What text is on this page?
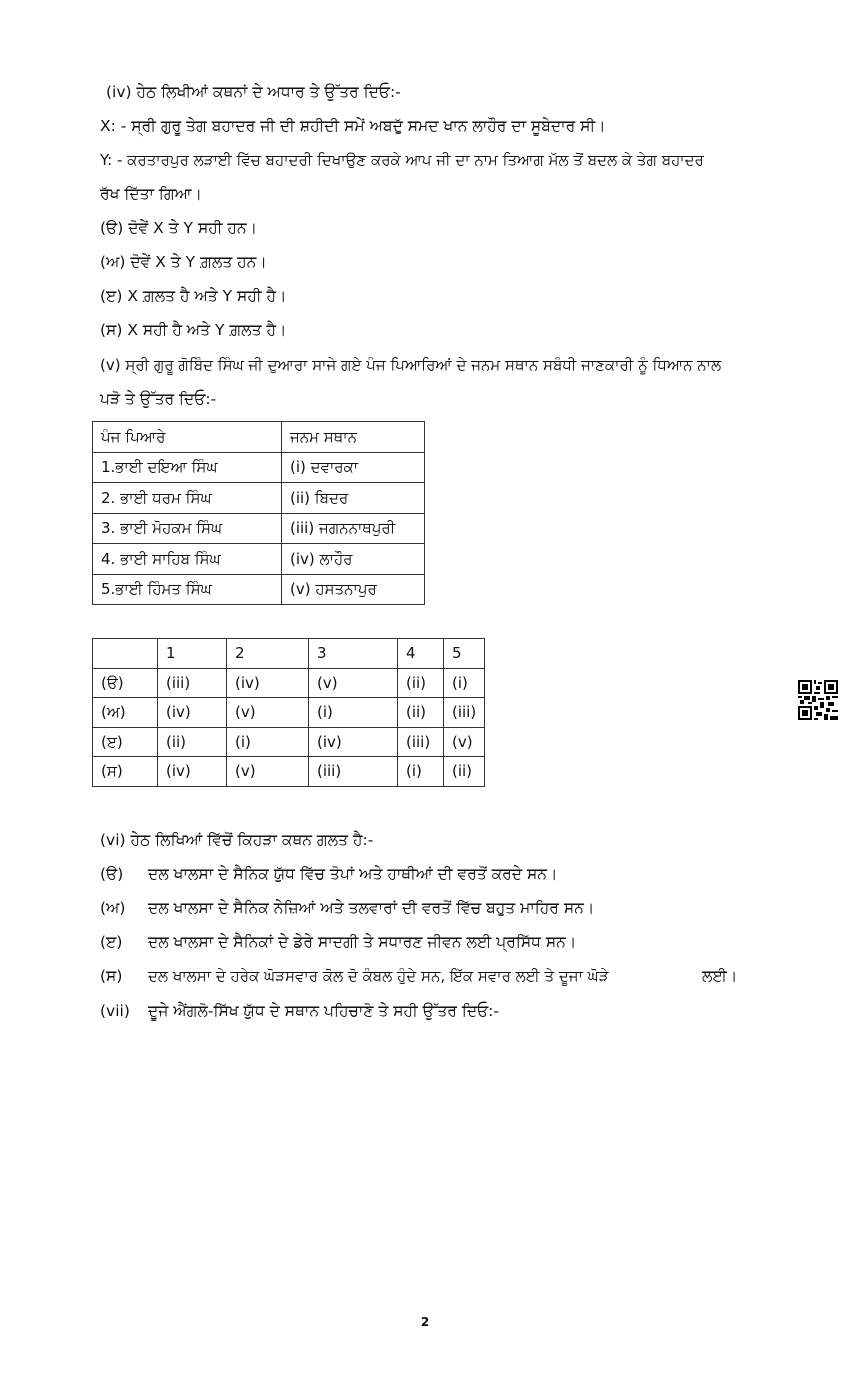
(iv) ਹੇਠ ਲਿਖੀਆਂ ਕਥਨਾਂ ਦੇ ਅਧਾਰ ਤੇ ਉੱਤਰ ਦਿਓ:-
X: - ਸ੍ਰੀ ਗੁਰੂ ਤੇਗ ਬਹਾਦਰ ਜੀ ਦੀ ਸ਼ਹੀਦੀ ਸਮੇਂ ਅਬਦੁੱ ਸਮਦ ਖਾਨ ਲਾਹੌਰ ਦਾ ਸੂਬੇਦਾਰ ਸੀ।
Y: - ਕਰਤਾਰਪੁਰ ਲੜਾਈ ਵਿੱਚ ਬਹਾਦਰੀ ਦਿਖਾਉਣ ਕਰਕੇ ਆਪ ਜੀ ਦਾ ਨਾਮ ਤਿਆਗ ਮੱਲ ਤੋਂ ਬਦਲ ਕੇ ਤੇਗ ਬਹਾਦਰ
ਰੱਖ ਦਿੱਤਾ ਗਿਆ।
(ੳ) ਦੋਵੇਂ X ਤੇ Y ਸਹੀ ਹਨ।
(ਅ) ਦੋਵੇਂ X ਤੇ Y ਗ਼ਲਤ ਹਨ।
(ੲ) X ਗ਼ਲਤ ਹੈ ਅਤੇ Y ਸਹੀ ਹੈ।
(ਸ) X ਸਹੀ ਹੈ ਅਤੇ Y ਗ਼ਲਤ ਹੈ।
(v) ਸ੍ਰੀ ਗੁਰੂ ਗੋਬਿੰਦ ਸਿੰਘ ਜੀ ਦੁਆਰਾ ਸਾਜੇ ਗਏ ਪੰਜ ਪਿਆਰਿਆਂ ਦੇ ਜਨਮ ਸਥਾਨ ਸਬੰਧੀ ਜਾਣਕਾਰੀ ਨੂੰ ਧਿਆਨ ਨਾਲ
ਪੜੋ ਤੇ ਉੱਤਰ ਦਿਓ:-
ਪੰਜ ਪਿਆਰੇ	ਜਨਮ ਸਥਾਨ
1.ਭਾਈ ਦਇਆ ਸਿੰਘ	(i) ਦਵਾਰਕਾ
2. ਭਾਈ ਧਰਮ ਸਿੰਘ	(ii) ਬਿਦਰ
3. ਭਾਈ ਮੋਹਕਮ ਸਿੰਘ	(iii) ਜਗਨਨਾਥਪੁਰੀ
4. ਭਾਈ ਸਾਹਿਬ ਸਿੰਘ	(iv) ਲਾਹੌਰ
5.ਭਾਈ ਹਿੰਮਤ ਸਿੰਘ	(v) ਹਸਤਨਾਪੁਰ
	1	2	3	4	5
(ੳ)	(iii)	(iv)	(v)	(ii)	(i)
(ਅ)	(iv)	(v)	(i)	(ii)	(iii)
(ੲ)	(ii)	(i)	(iv)	(iii)	(v)
(ਸ)	(iv)	(v)	(iii)	(i)	(ii)
(vi) ਹੇਠ ਲਿਖਿਆਂ ਵਿੱਚੋਂ ਕਿਹੜਾ ਕਥਨ ਗਲਤ ਹੈ:-
(ੳ) ਦਲ ਖਾਲਸਾ ਦੇ ਸੈਨਿਕ ਯੁੱਧ ਵਿੱਚ ਤੋਪਾਂ ਅਤੇ ਹਾਥੀਆਂ ਦੀ ਵਰਤੋਂ ਕਰਦੇ ਸਨ।
(ਅ) ਦਲ ਖਾਲਸਾ ਦੇ ਸੈਨਿਕ ਨੇਜ਼ਿਆਂ ਅਤੇ ਤਲਵਾਰਾਂ ਦੀ ਵਰਤੋਂ ਵਿੱਚ ਬਹੁਤ ਮਾਹਿਰ ਸਨ।
(ੲ) ਦਲ ਖਾਲਸਾ ਦੇ ਸੈਨਿਕਾਂ ਦੇ ਡੇਰੇ ਸਾਦਗੀ ਤੇ ਸਧਾਰਣ ਜੀਵਨ ਲਈ ਪ੍ਰਸਿੱਧ ਸਨ।
(ਸ) ਦਲ ਖਾਲਸਾ ਦੇ ਹਰੇਕ ਘੋੜਸਵਾਰ ਕੋਲ ਦੋ ਕੰਬਲ ਹੁੰਦੇ ਸਨ, ਇੱਕ ਸਵਾਰ ਲਈ ਤੇ ਦੂਜਾ ਘੋੜੇ	ਲਈ।
(vii) ਦੂਜੇ ਐਂਗਲੋ-ਸਿੱਖ ਯੁੱਧ ਦੇ ਸਥਾਨ ਪਹਿਚਾਣੋ ਤੇ ਸਹੀ ਉੱਤਰ ਦਿਓ:-
2
